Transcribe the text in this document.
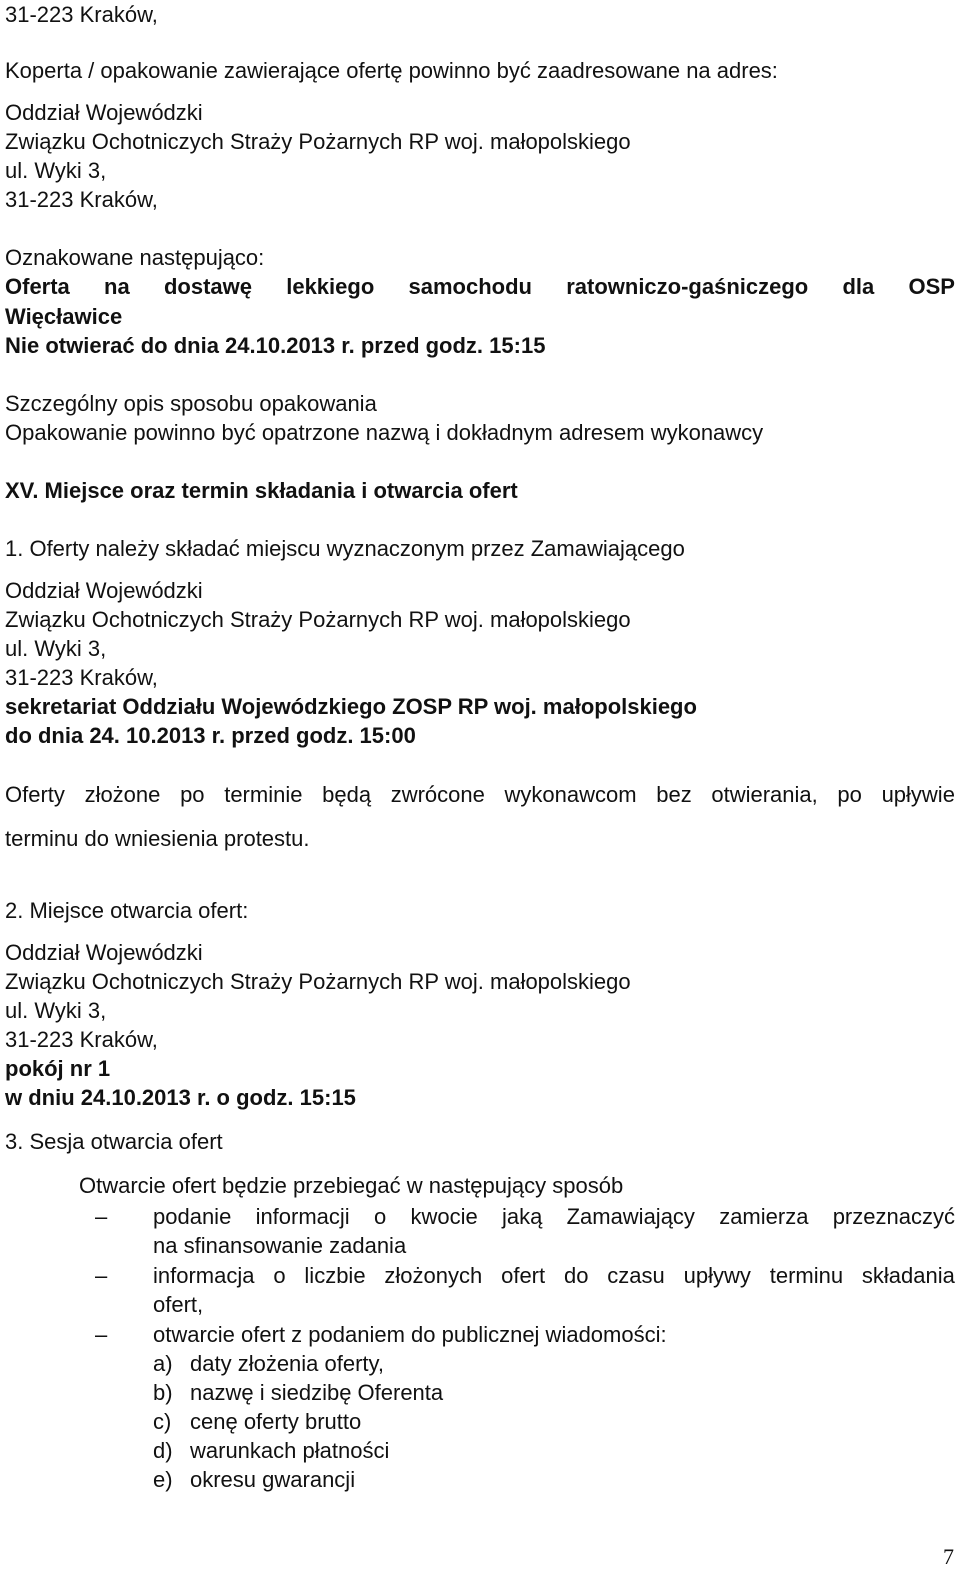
31-223 Kraków,
Koperta / opakowanie zawierające ofertę powinno być zaadresowane na adres:
Oddział Wojewódzki
Związku Ochotniczych Straży Pożarnych RP woj. małopolskiego
ul. Wyki 3,
31-223 Kraków,
Oznakowane następująco:
Oferta na dostawę lekkiego samochodu ratowniczo-gaśniczego dla OSP
Więcławice
Nie otwierać do dnia 24.10.2013 r. przed godz. 15:15
Szczególny opis sposobu opakowania
Opakowanie powinno być opatrzone nazwą i dokładnym adresem wykonawcy
XV. Miejsce oraz termin składania i otwarcia ofert
1. Oferty należy składać miejscu wyznaczonym przez Zamawiającego
Oddział Wojewódzki
Związku Ochotniczych Straży Pożarnych RP woj. małopolskiego
ul. Wyki 3,
31-223 Kraków,
sekretariat Oddziału Wojewódzkiego ZOSP RP woj. małopolskiego
do dnia 24. 10.2013 r. przed godz. 15:00
Oferty złożone po terminie będą zwrócone wykonawcom bez otwierania, po upływie
terminu do wniesienia protestu.
2. Miejsce otwarcia ofert:
Oddział Wojewódzki
Związku Ochotniczych Straży Pożarnych RP woj. małopolskiego
ul. Wyki 3,
31-223 Kraków,
pokój nr 1
w dniu 24.10.2013 r. o godz. 15:15
3. Sesja otwarcia ofert
Otwarcie ofert będzie przebiegać w następujący sposób
– podanie informacji o kwocie jaką Zamawiający zamierza przeznaczyć
na sfinansowanie zadania
– informacja o liczbie złożonych ofert do czasu upływy terminu składania
ofert,
– otwarcie ofert z podaniem do publicznej wiadomości:
a) daty złożenia oferty,
b) nazwę i siedzibę Oferenta
c) cenę oferty brutto
d) warunkach płatności
e) okresu gwarancji
7
